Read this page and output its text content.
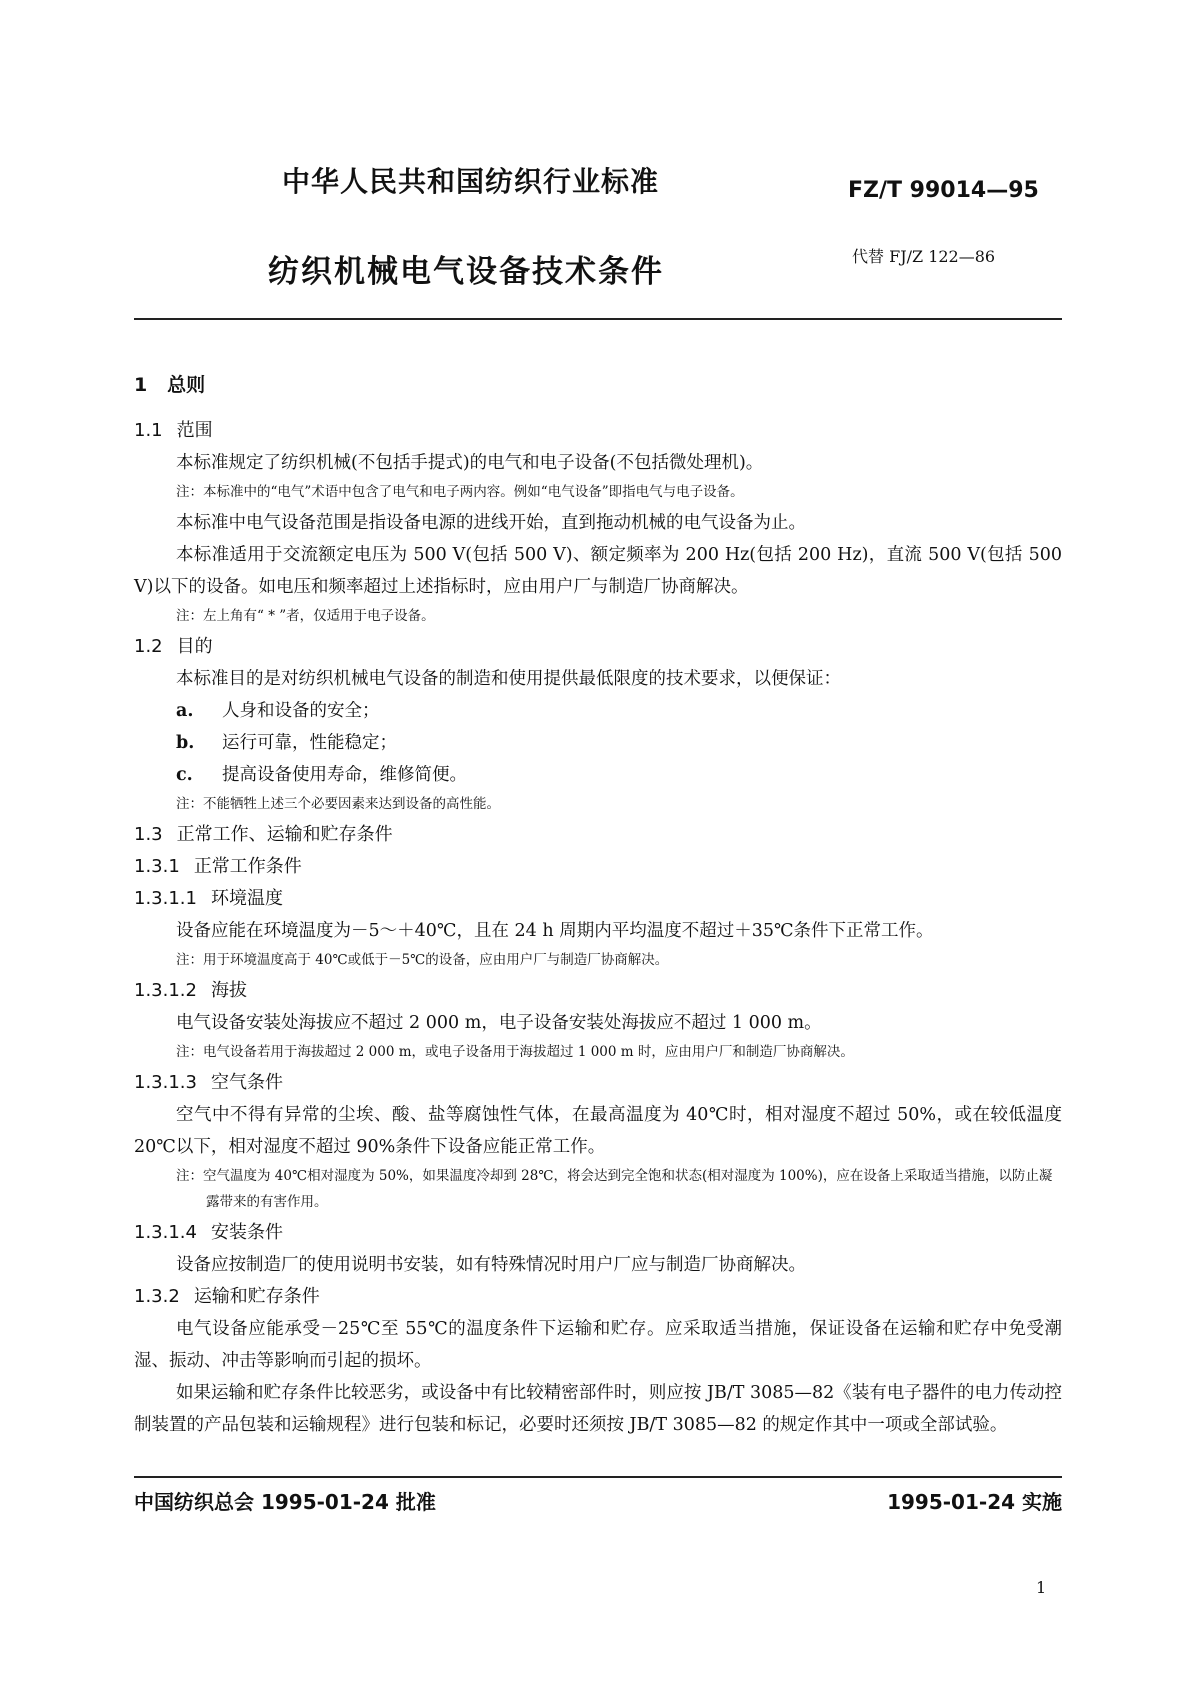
中华人民共和国纺织行业标准	FZ/T 99014—95
纺织机械电气设备技术条件	代替 FJ/Z 122—86
1 总则
1.1 范围

本标准规定了纺织机械(不包括手提式)的电气和电子设备(不包括微处理机)。

注：本标准中的“电气”术语中包含了电气和电子两内容。例如“电气设备”即指电气与电子设备。

本标准中电气设备范围是指设备电源的进线开始，直到拖动机械的电气设备为止。

本标准适用于交流额定电压为 500 V(包括 500 V)、额定频率为 200 Hz(包括 200 Hz)，直流 500 V(包括 500 V)以下的设备。如电压和频率超过上述指标时，应由用户厂与制造厂协商解决。

注：左上角有“ * ”者，仅适用于电子设备。

1.2 目的

本标准目的是对纺织机械电气设备的制造和使用提供最低限度的技术要求，以便保证：

a. 人身和设备的安全；
b. 运行可靠，性能稳定；
c. 提高设备使用寿命，维修简便。

注：不能牺牲上述三个必要因素来达到设备的高性能。

1.3 正常工作、运输和贮存条件
1.3.1 正常工作条件
1.3.1.1 环境温度

设备应能在环境温度为－5～＋40℃，且在 24 h 周期内平均温度不超过＋35℃条件下正常工作。

注：用于环境温度高于 40℃或低于－5℃的设备，应由用户厂与制造厂协商解决。

1.3.1.2 海拔

电气设备安装处海拔应不超过 2 000 m，电子设备安装处海拔应不超过 1 000 m。

注：电气设备若用于海拔超过 2 000 m，或电子设备用于海拔超过 1 000 m 时，应由用户厂和制造厂协商解决。

1.3.1.3 空气条件

空气中不得有异常的尘埃、酸、盐等腐蚀性气体，在最高温度为 40℃时，相对湿度不超过 50%，或在较低温度 20℃以下，相对湿度不超过 90%条件下设备应能正常工作。

注：空气温度为 40℃相对湿度为 50%，如果温度冷却到 28℃，将会达到完全饱和状态(相对湿度为 100%)，应在设备上采取适当措施，以防止凝露带来的有害作用。

1.3.1.4 安装条件

设备应按制造厂的使用说明书安装，如有特殊情况时用户厂应与制造厂协商解决。

1.3.2 运输和贮存条件

电气设备应能承受－25℃至 55℃的温度条件下运输和贮存。应采取适当措施，保证设备在运输和贮存中免受潮湿、振动、冲击等影响而引起的损坏。

如果运输和贮存条件比较恶劣，或设备中有比较精密部件时，则应按 JB/T 3085—82《装有电子器件的电力传动控制装置的产品包装和运输规程》进行包装和标记，必要时还须按 JB/T 3085—82 的规定作其中一项或全部试验。

中国纺织总会 1995-01-24 批准	1995-01-24 实施
1
